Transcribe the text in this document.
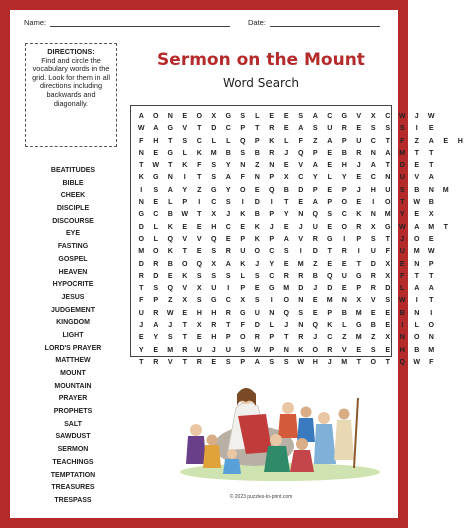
Name:	Date:
DIRECTIONS:
Find and circle the vocabulary words in the grid. Look for them in all directions including backwards and diagonally.
Sermon on the Mount
Word Search
A	O	N	E	O	X	G	S	L	E	E	S	A	C	G	V	X	C	W	J	W
W	A	G	V	T	D	C	P	T	R	E	A	S	U	R	E	S	S	S	I	E
F	H	T	S	C	L	L	Q	P	K	L	F	Z	A	P	U	C	T	F	Z	A	E	H
N	E	G	L	K	M	B	S	B	R	J	Q	P	E	B	R	N	A	M	T	T
T	W	T	K	F	S	Y	N	Z	N	E	V	A	E	H	J	A	T	D	E	T
K	G	N	I	T	S	A	F	N	P	X	C	Y	L	Y	E	C	N	U	V	A
I	S	A	Y	Z	G	Y	O	E	Q	B	D	P	E	P	J	H	U	S	B	N	M
N	E	L	P	I	C	S	I	D	I	T	E	A	P	O	E	I	O	T	W	B
G	C	B	W	T	X	J	K	B	P	Y	N	Q	S	C	K	N	M	Y	E	X
D	L	K	E	E	H	C	E	K	J	E	J	U	E	O	R	X	G	W	A	M	T
O	L	Q	V	V	Q	E	P	K	P	A	V	R	G	I	P	S	T	J	O	E
M	O	K	T	E	S	R	U	O	C	S	I	D	T	R	I	U	F	U	M	W
D	R	B	O	Q	X	A	K	J	Y	E	M	Z	E	E	T	D	X	E	N	P
R	D	E	K	S	S	S	L	S	C	R	R	B	Q	U	G	R	X	F	T	T
T	S	Q	V	X	U	I	P	E	G	M	D	J	D	E	P	R	D	L	A	A
F	P	Z	X	S	G	C	X	S	I	O	N	E	M	N	X	V	S	W	I	T
U	R	W	E	H	H	R	G	U	N	Q	S	E	P	B	M	E	E	B	N	I
J	A	J	T	X	R	T	F	D	L	J	N	Q	K	L	G	B	E	I	L	O
E	Y	S	T	E	H	P	O	R	P	T	R	J	C	Z	M	Z	X	N	O	N
Y	E	M	R	U	J	U	S	W	P	N	K	O	R	V	E	S	E	H	B	M
T	R	V	T	R	E	S	P	A	S	S	W	H	J	M	T	O	T	Q	W	F
BEATITUDES
BIBLE
CHEEK
DISCIPLE
DISCOURSE
EYE
FASTING
GOSPEL
HEAVEN
HYPOCRITE
JESUS
JUDGEMENT
KINGDOM
LIGHT
LORD'S PRAYER
MATTHEW
MOUNT
MOUNTAIN
PRAYER
PROPHETS
SALT
SAWDUST
SERMON
TEACHINGS
TEMPTATION
TREASURES
TRESPASS	© 2023 puzzles-to-print.com
